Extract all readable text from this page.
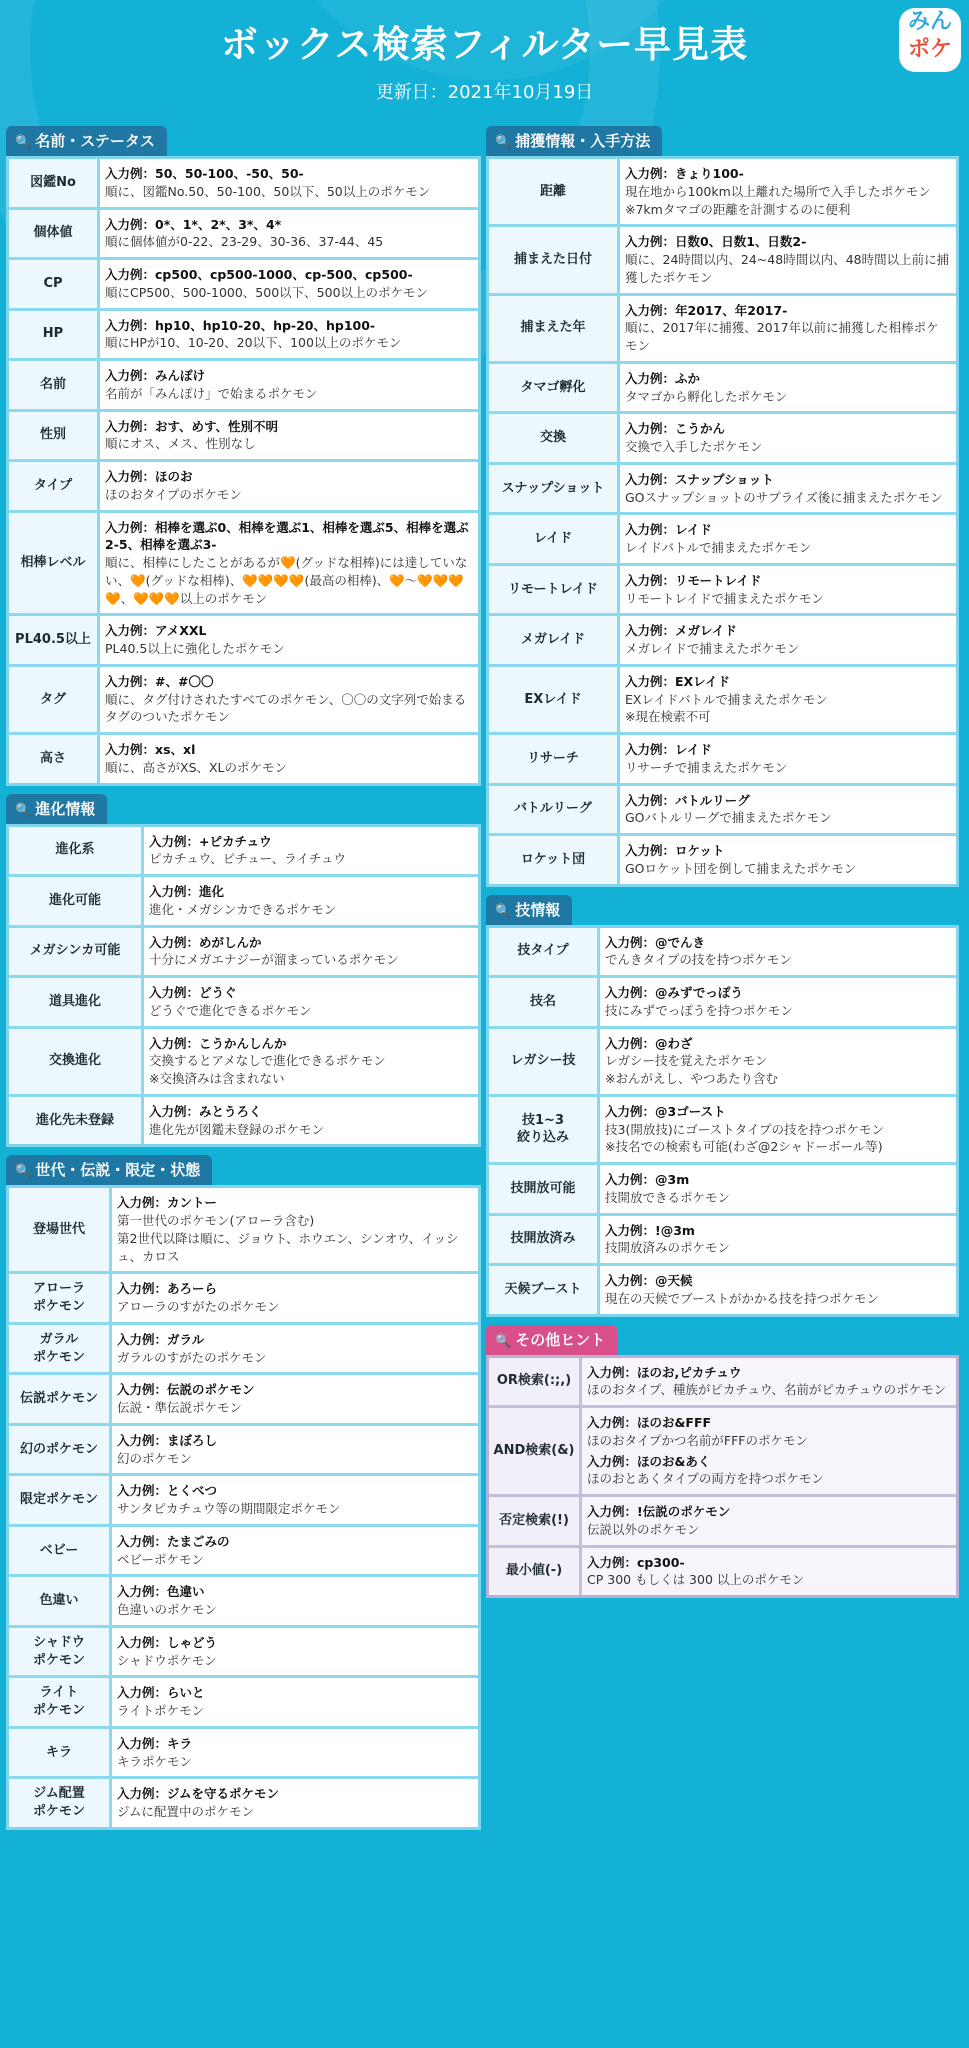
ボックス検索フィルター早見表
更新日：2021年10月19日
みん
ポケ
🔍 名前・ステータス
図鑑No
入力例：50、50-100、-50、50-
順に、図鑑No.50、50-100、50以下、50以上のポケモン
個体値
入力例：0*、1*、2*、3*、4*
順に個体値が0-22、23-29、30-36、37-44、45
CP
入力例：cp500、cp500-1000、cp-500、cp500-
順にCP500、500-1000、500以下、500以上のポケモン
HP
入力例：hp10、hp10-20、hp-20、hp100-
順にHPが10、10-20、20以下、100以上のポケモン
名前
入力例：みんぽけ
名前が「みんぽけ」で始まるポケモン
性別
入力例：おす、めす、性別不明
順にオス、メス、性別なし
タイプ
入力例：ほのお
ほのおタイプのポケモン
相棒レベル
入力例：相棒を選ぶ0、相棒を選ぶ1、相棒を選ぶ5、相棒を選ぶ2-5、相棒を選ぶ3-
順に、相棒にしたことがあるが🧡(グッドな相棒)には達していない、🧡(グッドな相棒)、🧡🧡🧡🧡(最高の相棒)、🧡〜🧡🧡🧡🧡、🧡🧡🧡以上のポケモン
PL40.5以上
入力例：アメXXL
PL40.5以上に強化したポケモン
タグ
入力例：#、#〇〇
順に、タグ付けされたすべてのポケモン、〇〇の文字列で始まるタグのついたポケモン
高さ
入力例：xs、xl
順に、高さがXS、XLのポケモン
🔍 進化情報
進化系
入力例：+ピカチュウ
ピカチュウ、ピチュー、ライチュウ
進化可能
入力例：進化
進化・メガシンカできるポケモン
メガシンカ可能
入力例：めがしんか
十分にメガエナジーが溜まっているポケモン
道具進化
入力例：どうぐ
どうぐで進化できるポケモン
交換進化
入力例：こうかんしんか
交換するとアメなしで進化できるポケモン
※交換済みは含まれない
進化先未登録
入力例：みとうろく
進化先が図鑑未登録のポケモン
🔍 世代・伝説・限定・状態
登場世代
入力例：カントー
第一世代のポケモン(アローラ含む)
第2世代以降は順に、ジョウト、ホウエン、シンオウ、イッシュ、カロス
アローラ
ポケモン
入力例：あろーら
アローラのすがたのポケモン
ガラル
ポケモン
入力例：ガラル
ガラルのすがたのポケモン
伝説ポケモン
入力例：伝説のポケモン
伝説・準伝説ポケモン
幻のポケモン
入力例：まぼろし
幻のポケモン
限定ポケモン
入力例：とくべつ
サンタピカチュウ等の期間限定ポケモン
ベビー
入力例：たまごみの
ベビーポケモン
色違い
入力例：色違い
色違いのポケモン
シャドウ
ポケモン
入力例：しゃどう
シャドウポケモン
ライト
ポケモン
入力例：らいと
ライトポケモン
キラ
入力例：キラ
キラポケモン
ジム配置
ポケモン
入力例：ジムを守るポケモン
ジムに配置中のポケモン
🔍 捕獲情報・入手方法
距離
入力例：きょり100-
現在地から100km以上離れた場所で入手したポケモン
※7kmタマゴの距離を計測するのに便利
捕まえた日付
入力例：日数0、日数1、日数2-
順に、24時間以内、24~48時間以内、48時間以上前に捕獲したポケモン
捕まえた年
入力例：年2017、年2017-
順に、2017年に捕獲、2017年以前に捕獲した相棒ポケモン
タマゴ孵化
入力例：ふか
タマゴから孵化したポケモン
交換
入力例：こうかん
交換で入手したポケモン
スナップショット
入力例：スナップショット
GOスナップショットのサプライズ後に捕まえたポケモン
レイド
入力例：レイド
レイドバトルで捕まえたポケモン
リモートレイド
入力例：リモートレイド
リモートレイドで捕まえたポケモン
メガレイド
入力例：メガレイド
メガレイドで捕まえたポケモン
EXレイド
入力例：EXレイド
EXレイドバトルで捕まえたポケモン
※現在検索不可
リサーチ
入力例：レイド
リサーチで捕まえたポケモン
バトルリーグ
入力例：バトルリーグ
GOバトルリーグで捕まえたポケモン
ロケット団
入力例：ロケット
GOロケット団を倒して捕まえたポケモン
🔍 技情報
技タイプ
入力例：@でんき
でんきタイプの技を持つポケモン
技名
入力例：@みずでっぽう
技にみずでっぽうを持つポケモン
レガシー技
入力例：@わざ
レガシー技を覚えたポケモン
※おんがえし、やつあたり含む
技1~3
絞り込み
入力例：@3ゴースト
技3(開放技)にゴーストタイプの技を持つポケモン
※技名での検索も可能(わざ@2シャドーボール等)
技開放可能
入力例：@3m
技開放できるポケモン
技開放済み
入力例：!@3m
技開放済みのポケモン
天候ブースト
入力例：@天候
現在の天候でブーストがかかる技を持つポケモン
🔍 その他ヒント
OR検索(:;,)
入力例：ほのお,ピカチュウ
ほのおタイプ、種族がピカチュウ、名前がピカチュウのポケモン
AND検索(&)
入力例：ほのお&FFF
ほのおタイプかつ名前がFFFのポケモン
入力例：ほのお&あく
ほのおとあくタイプの両方を持つポケモン
否定検索(!)
入力例：!伝説のポケモン
伝説以外のポケモン
最小値(-)
入力例：cp300-
CP 300 もしくは 300 以上のポケモン
